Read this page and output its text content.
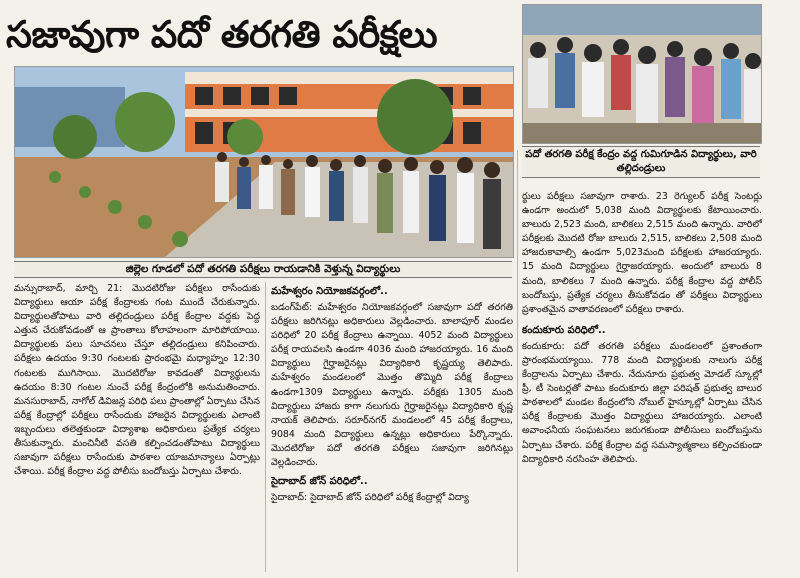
సజావుగా పదో తరగతి పరీక్షలు
జిల్లెల గూడలో పదో తరగతి పరీక్షలు రాయడానికి వెళ్తున్న విద్యార్థులు
పదో తరగతి పరీక్ష కేంద్రం వద్ద గుమిగూడిన విద్యార్థులు, వారి తల్లిదండ్రులు

మన్సురాబాద్, మార్చి 21: మొదటిరోజు పరీక్షలు రాసేందుకు విద్యార్థులు ఆయా పరీక్ష కేంద్రాలకు గంట ముందే చేరుకున్నారు. విద్యార్థులతోపాటు వారి తల్లిదండ్రులు పరీక్ష కేంద్రాల వద్దకు పెద్ద ఎత్తున చేరుకోవడంతో ఆ ప్రాంతాలు కోలాహలంగా మారిపోయాయి. విద్యార్థులకు పలు సూచనలు చేస్తూ తల్లిదండ్రులు కనిపించారు. పరీక్షలు ఉదయం 9:30 గంటలకు ప్రారంభమై మధ్యాహ్నం 12:30 గంటలకు ముగిసాయి. మొదటిరోజు కావడంతో విద్యార్థులను ఉదయం 8:30 గంటల నుంచే పరీక్ష కేంద్రంలోకి అనుమతించారు. మనసురాబాద్, నాగోల్ డివిజన్ల పరిధి పలు ప్రాంతాల్లో ఏర్పాటు చేసిన పరీక్ష కేంద్రాల్లో పరీక్షలు రాసేందుకు హాజరైన విద్యార్థులకు ఎలాంటి ఇబ్బందులు తలెత్తకుండా విద్యాశాఖ అధికారులు ప్రత్యేక చర్యలు తీసుకున్నారు. మంచినీటి వసతి కల్పించడంతోపాటు విద్యార్థులు సజావుగా పరీక్షలు రాసేందుకు పాఠశాల యాజమాన్యాలు ఏర్పాట్లు చేశాయి. పరీక్ష కేంద్రాల వద్ద పోలీసు బందోబస్తు ఏర్పాటు చేశారు.

మహేశ్వరం నియోజకవర్గంలో..

బడంగ్‌పేట్: మహేశ్వరం నియోజకవర్గంలో సజావుగా పదో తరగతి పరీక్షలు జరిగినట్లు అధికారులు వెల్లడించారు. బాలాపూర్ మండల పరిధిలో 20 పరీక్ష కేంద్రాలు ఉన్నాయి. 4052 మంది విద్యార్థులు పరీక్ష రాయవలసి ఉండగా 4036 మంది హాజరయ్యారు. 16 మంది విద్యార్థులు గైర్హాజరైనట్లు విద్యాధికారి కృష్ణయ్య తెలిపారు. మహేశ్వరం మండలంలో మొత్తం తొమ్మిది పరీక్ష కేంద్రాలు ఉండగా1309 విద్యార్థులు ఉన్నారు. పరీక్షకు 1305 మంది విద్యార్థులు హాజరు కాగా నలుగురు గైర్హాజరైనట్లు విద్యాధికారి కృష్ణ నాయక్ తెలిపారు. సరూర్‌నగర్ మండలంలో 45 పరీక్ష కేంద్రాలు, 9084 మంది విద్యార్థులు ఉన్నట్లు అధికారులు పేర్కొన్నారు. మొదటిరోజు పదో తరగతి పరీక్షలు సజావుగా జరిగినట్లు వెల్లడించారు.

సైదాబాద్ జోన్ పరిధిలో..

సైదాబాద్: సైదాబాద్ జోన్ పరిధిలో పరీక్ష కేంద్రాల్లో విద్యా

ర్థులు పరీక్షలు సజావుగా రాశారు. 23 రెగ్యులర్ పరీక్ష సెంటర్లు ఉండగా అందులో 5,038 మంది విద్యార్థులకు కేటాయించారు. బాలురు 2,523 మంది, బాలికలు 2,515 మంది ఉన్నారు. వారిలో పరీక్షలకు మొదటి రోజు బాలురు 2,515, బాలికలు 2,508 మంది హాజరుకావాల్సి ఉండగా 5,023మంది పరీక్షలకు హాజరయ్యారు. 15 మంది విద్యార్థులు గైర్హాజరయ్యారు. అందులో బాలురు 8 మంది, బాలికలు 7 మంది ఉన్నారు. పరీక్ష కేంద్రాల వద్ద పోలీస్ బందోబస్తు, ప్రత్యేక చర్యలు తీసుకోవడం తో పరీక్షలు విద్యార్థులు ప్రశాంతమైన వాతావరణంలో పరీక్షలు రాశారు.

కందుకూరు పరిధిలో..

కందుకూరు: పదో తరగతి పరీక్షలు మండలంలో ప్రశాంతంగా ప్రారంభమయ్యాయి. 778 మంది విద్యార్థులకు నాలుగు పరీక్ష కేంద్రాలను ఏర్పాటు చేశారు. నేదునూరు ప్రభుత్వ మోడల్ స్కూల్లో ప్రీ, టీ సెంటర్లతో పాటు కందుకూరు జిల్లా పరిషత్ ప్రభుత్వ బాలుర పాఠశాలలో మండల కేంద్రంలోని నోబుల్ హైస్కూల్లో ఏర్పాటు చేసిన పరీక్ష కేంద్రాలకు మొత్తం విద్యార్థులు హాజరయ్యారు. ఎలాంటి అవాంఛనీయ సంఘటనలు జరుగకుండా పోలీసులు బందోబస్తును ఏర్పాటు చేశారు. పరీక్ష కేంద్రాల వద్ద సమస్యాత్మకాలు కల్పించకుండా విద్యాధికారి నరసింహ తెలిపారు.
